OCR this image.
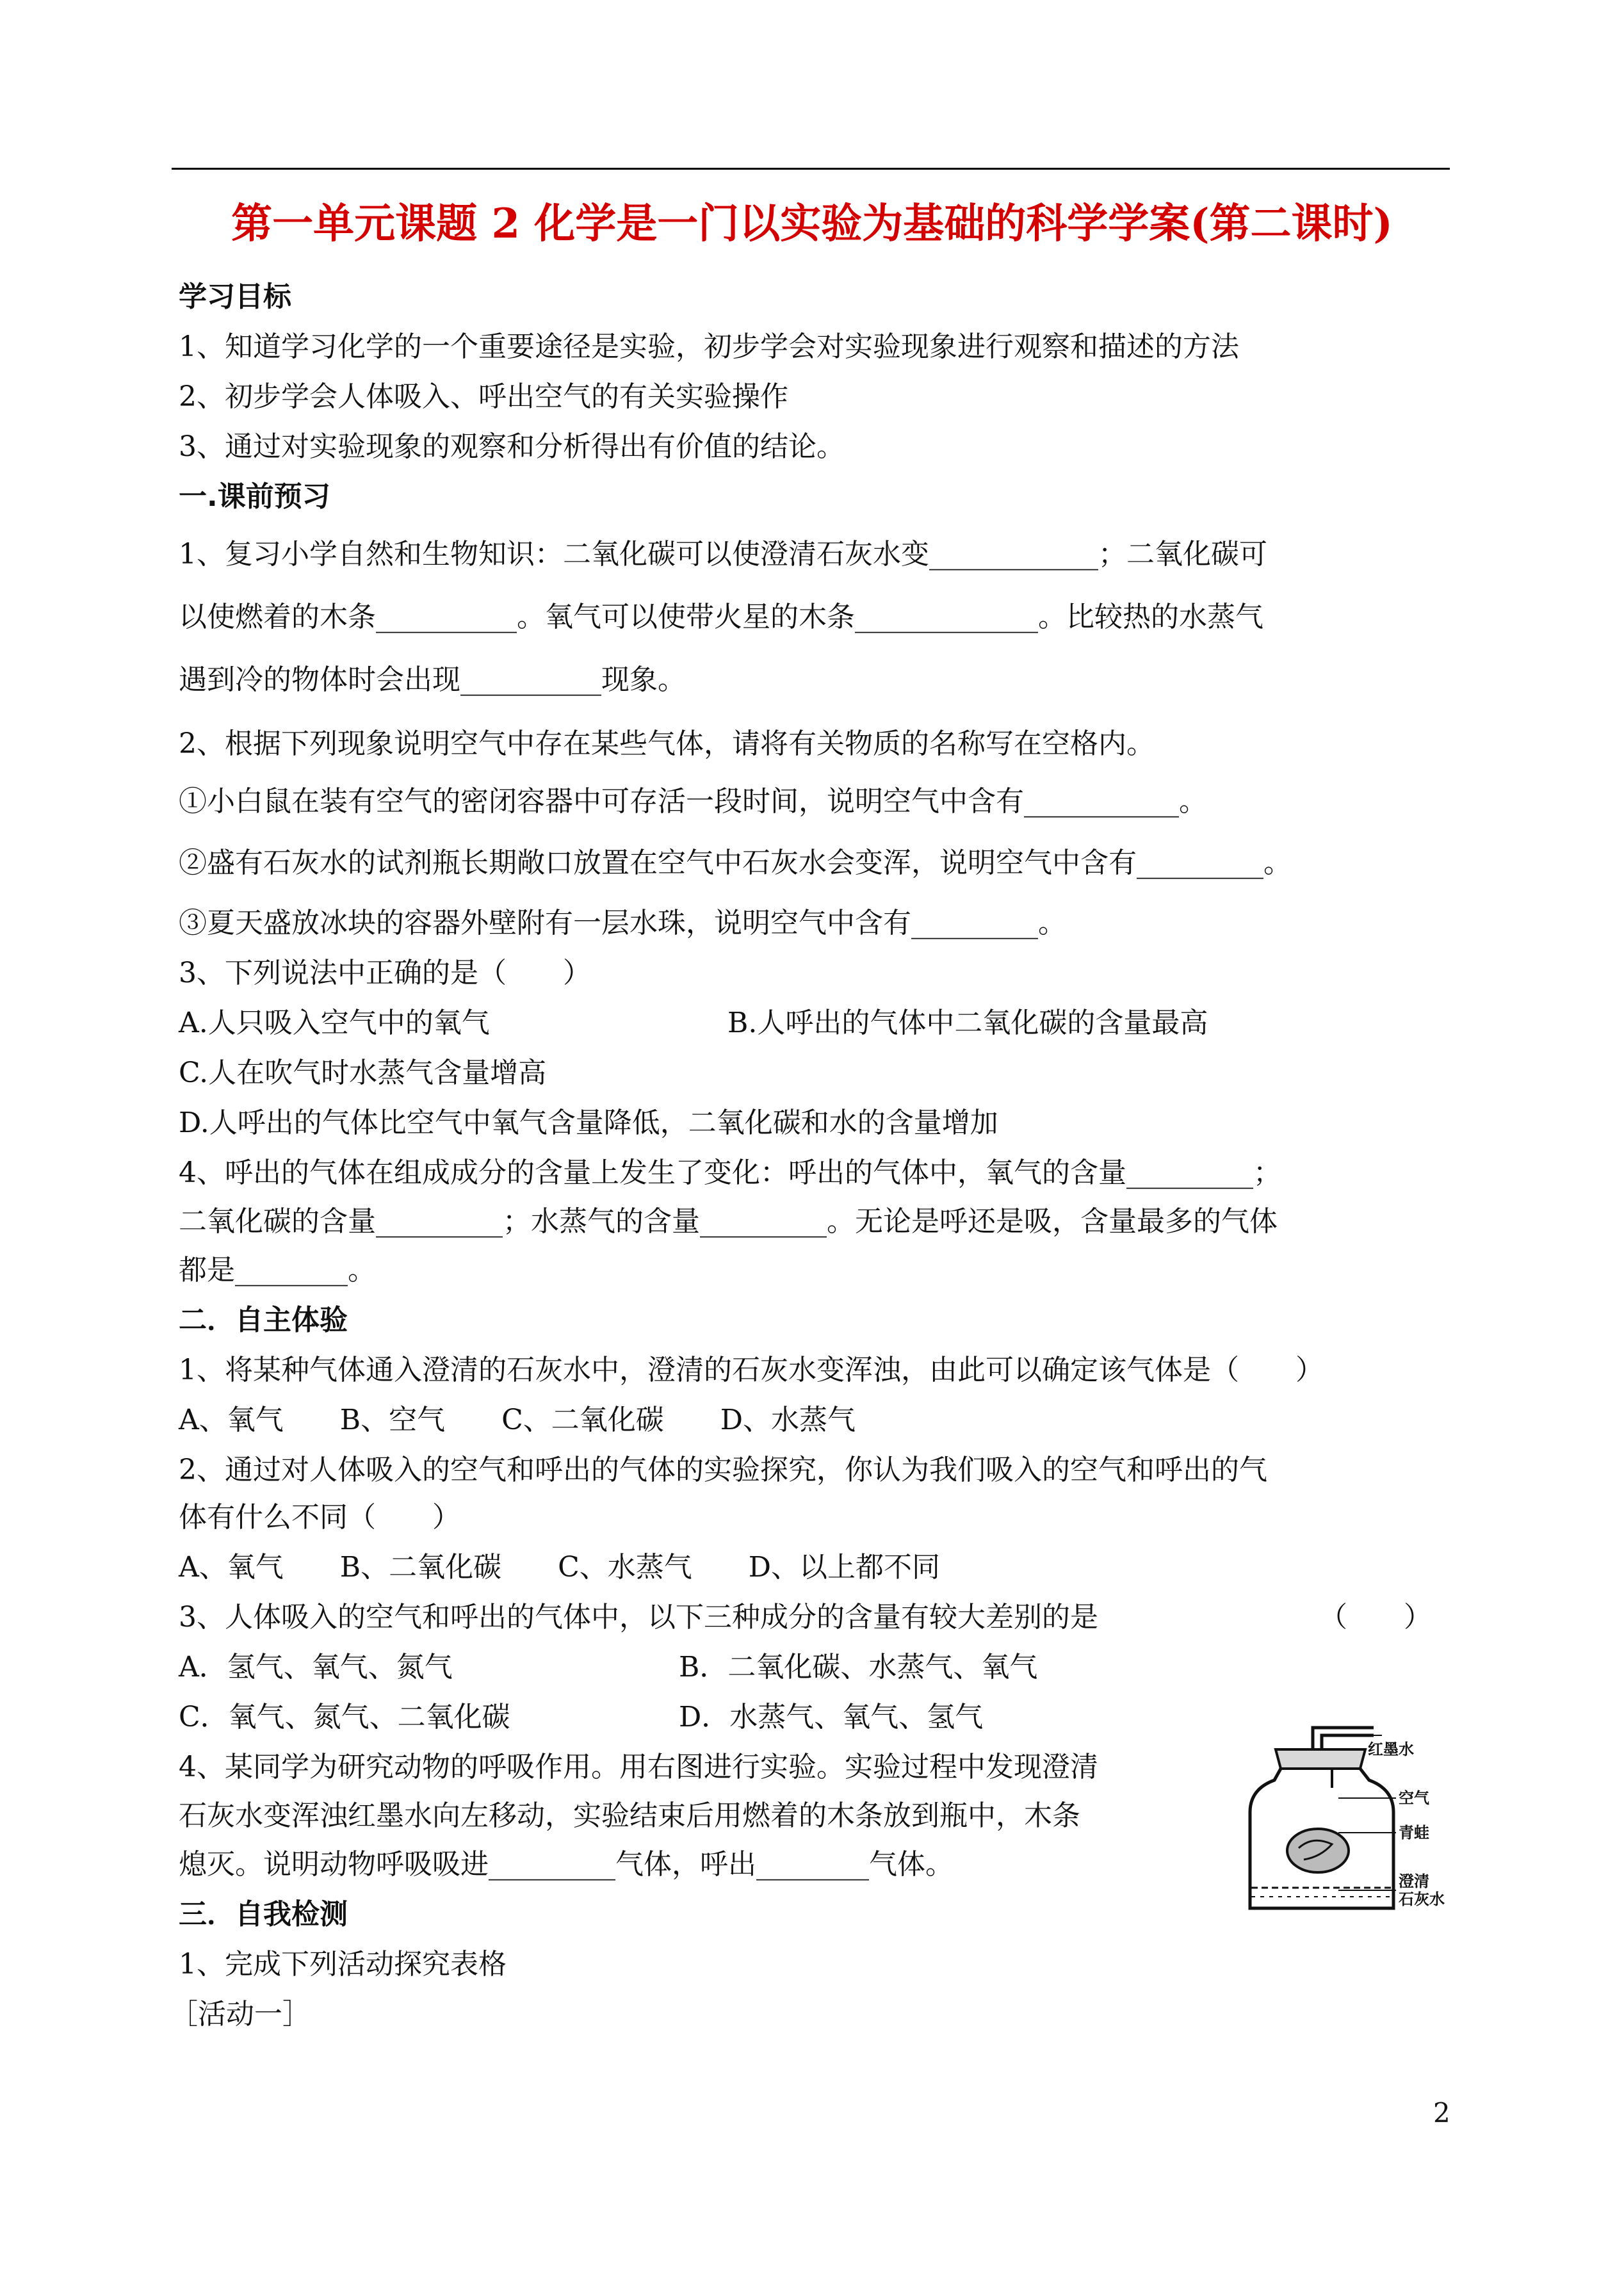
第一单元课题 2 化学是一门以实验为基础的科学学案(第二课时)
学习目标
1、知道学习化学的一个重要途径是实验，初步学会对实验现象进行观察和描述的方法
2、初步学会人体吸入、呼出空气的有关实验操作
3、通过对实验现象的观察和分析得出有价值的结论。
一.课前预习
1、复习小学自然和生物知识：二氧化碳可以使澄清石灰水变____________；二氧化碳可
以使燃着的木条__________。氧气可以使带火星的木条_____________。比较热的水蒸气
遇到冷的物体时会出现__________现象。
2、根据下列现象说明空气中存在某些气体，请将有关物质的名称写在空格内。
①小白鼠在装有空气的密闭容器中可存活一段时间，说明空气中含有___________。
②盛有石灰水的试剂瓶长期敞口放置在空气中石灰水会变浑，说明空气中含有_________。
③夏天盛放冰块的容器外壁附有一层水珠，说明空气中含有_________。
3、下列说法中正确的是（　　）
A.人只吸入空气中的氧气	B.人呼出的气体中二氧化碳的含量最高
C.人在吹气时水蒸气含量增高
D.人呼出的气体比空气中氧气含量降低，二氧化碳和水的含量增加
4、呼出的气体在组成成分的含量上发生了变化：呼出的气体中，氧气的含量_________；
二氧化碳的含量_________；水蒸气的含量_________。无论是呼还是吸，含量最多的气体
都是________。
二．自主体验
1、将某种气体通入澄清的石灰水中，澄清的石灰水变浑浊，由此可以确定该气体是（　　）
A、氧气　　B、空气　　C、二氧化碳　　D、水蒸气
2、通过对人体吸入的空气和呼出的气体的实验探究，你认为我们吸入的空气和呼出的气
体有什么不同（　　）
A、氧气　　B、二氧化碳　　C、水蒸气　　D、以上都不同
3、人体吸入的空气和呼出的气体中，以下三种成分的含量有较大差别的是	（　　）
A．氢气、氧气、氮气	B．二氧化碳、水蒸气、氧气
C．氧气、氮气、二氧化碳	D．水蒸气、氧气、氢气
4、某同学为研究动物的呼吸作用。用右图进行实验。实验过程中发现澄清
石灰水变浑浊红墨水向左移动，实验结束后用燃着的木条放到瓶中，木条
熄灭。说明动物呼吸吸进_________气体，呼出________气体。
红墨水
空气
青蛙
澄清
石灰水
三．自我检测
1、完成下列活动探究表格
［活动一］
2
